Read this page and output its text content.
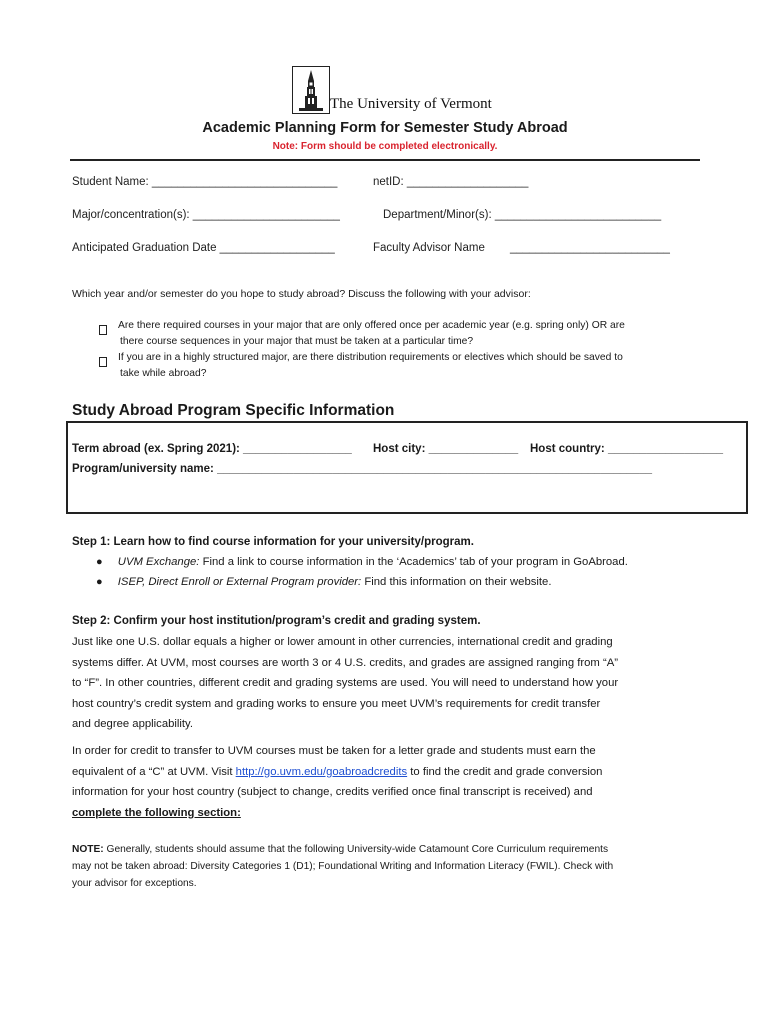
The University of Vermont
Academic Planning Form for Semester Study Abroad
Note: Form should be completed electronically.
Student Name: _____________________________	netID: ___________________
Major/concentration(s): _______________________	Department/Minor(s): __________________________
Anticipated Graduation Date __________________	Faculty Advisor Name _________________________
Which year and/or semester do you hope to study abroad? Discuss the following with your advisor:
Are there required courses in your major that are only offered once per academic year (e.g. spring only) OR are
there course sequences in your major that must be taken at a particular time?
If you are in a highly structured major, are there distribution requirements or electives which should be saved to
take while abroad?
Study Abroad Program Specific Information
Term abroad (ex. Spring 2021): _________________ Host city: ______________ Host country: __________________
Program/university name: ____________________________________________________________________
Step 1: Learn how to find course information for your university/program.
● UVM Exchange: Find a link to course information in the ‘Academics’ tab of your program in GoAbroad.
● ISEP, Direct Enroll or External Program provider: Find this information on their website.
Step 2: Confirm your host institution/program’s credit and grading system.
Just like one U.S. dollar equals a higher or lower amount in other currencies, international credit and grading
systems differ. At UVM, most courses are worth 3 or 4 U.S. credits, and grades are assigned ranging from “A”
to “F”. In other countries, different credit and grading systems are used. You will need to understand how your
host country’s credit system and grading works to ensure you meet UVM’s requirements for credit transfer
and degree applicability.
In order for credit to transfer to UVM courses must be taken for a letter grade and students must earn the
equivalent of a “C” at UVM. Visit http://go.uvm.edu/goabroadcredits to find the credit and grade conversion
information for your host country (subject to change, credits verified once final transcript is received) and
complete the following section:
NOTE: Generally, students should assume that the following University-wide Catamount Core Curriculum requirements
may not be taken abroad: Diversity Categories 1 (D1); Foundational Writing and Information Literacy (FWIL). Check with
your advisor for exceptions.
